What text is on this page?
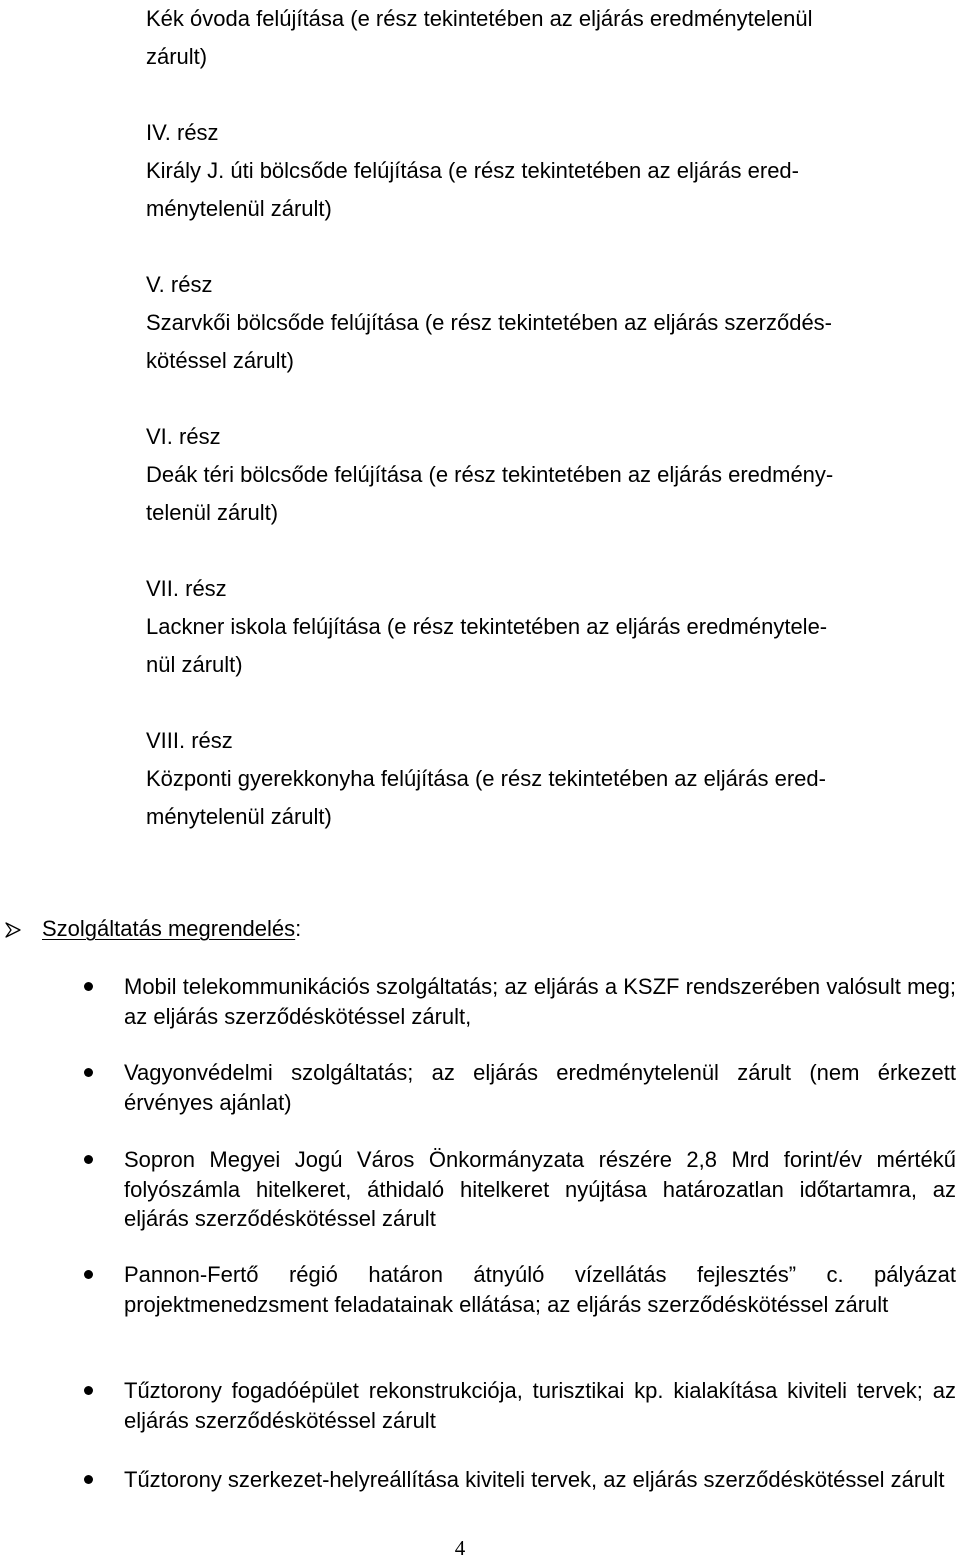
Kék óvoda felújítása (e rész tekintetében az eljárás eredménytelenül
zárult)
IV. rész
Király J. úti bölcsőde felújítása (e rész tekintetében az eljárás ered-
ménytelenül zárult)
V. rész
Szarvkői bölcsőde felújítása (e rész tekintetében az eljárás szerződés-
kötéssel zárult)
VI. rész
Deák téri bölcsőde felújítása (e rész tekintetében az eljárás eredmény-
telenül zárult)
VII. rész
Lackner iskola felújítása (e rész tekintetében az eljárás eredménytele-
nül zárult)
VIII. rész
Központi gyerekkonyha felújítása (e rész tekintetében az eljárás ered-
ménytelenül zárult)
Szolgáltatás megrendelés:
Mobil telekommunikációs szolgáltatás; az eljárás a KSZF rendszerében valósult meg; az eljárás szerződéskötéssel zárult,
Vagyonvédelmi szolgáltatás; az eljárás eredménytelenül zárult (nem érkezett érvényes ajánlat)
Sopron Megyei Jogú Város Önkormányzata részére 2,8 Mrd forint/év mértékű folyószámla hitelkeret, áthidaló hitelkeret nyújtása határozatlan időtartamra, az eljárás szerződéskötéssel zárult
Pannon-Fertő régió határon átnyúló vízellátás fejlesztés” c. pályázat projektmenedzsment feladatainak ellátása; az eljárás szerződéskötéssel zárult
Tűztorony fogadóépület rekonstrukciója, turisztikai kp. kialakítása kiviteli tervek; az eljárás szerződéskötéssel zárult
Tűztorony szerkezet-helyreállítása kiviteli tervek, az eljárás szerződéskötéssel zárult
4
